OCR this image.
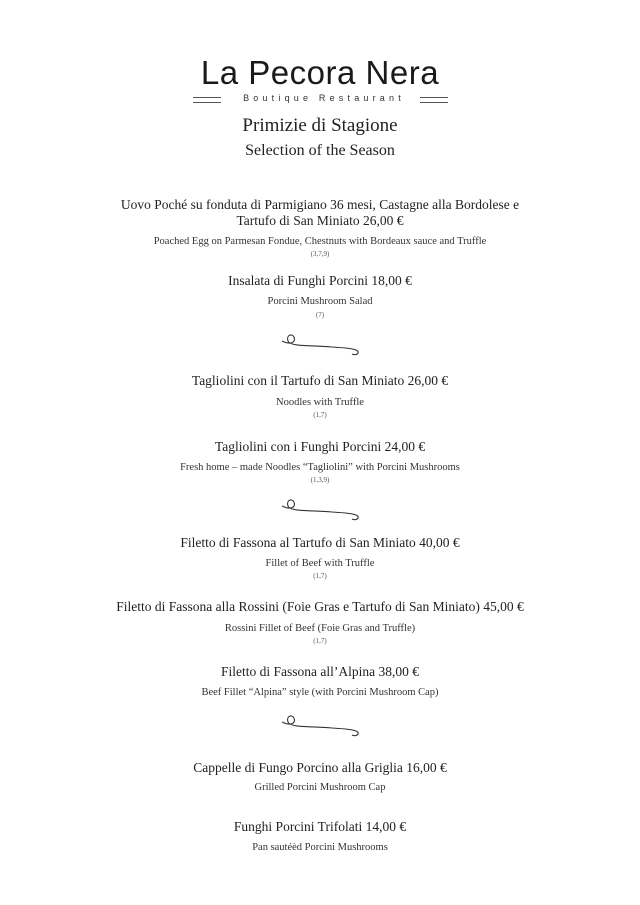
La Pecora Nera
Boutique Restaurant
Primizie di Stagione
Selection of the Season
Uovo Poché su fonduta di Parmigiano 36 mesi, Castagne alla Bordolese e
Tartufo di San Miniato 26,00 €
Poached Egg on Parmesan Fondue, Chestnuts with Bordeaux sauce and Truffle
(3,7,9)
Insalata di Funghi Porcini 18,00 €
Porcini Mushroom Salad
(7)
Tagliolini con il Tartufo di San Miniato 26,00 €
Noodles with Truffle
(1,7)
Tagliolini con i Funghi Porcini 24,00 €
Fresh home – made Noodles “Tagliolini” with Porcini Mushrooms
(1,3,9)
Filetto di Fassona al Tartufo di San Miniato 40,00 €
Fillet of Beef with Truffle
(1,7)
Filetto di Fassona alla Rossini (Foie Gras e Tartufo di San Miniato) 45,00 €
Rossini Fillet of Beef (Foie Gras and Truffle)
(1,7)
Filetto di Fassona all’Alpina 38,00 €
Beef Fillet “Alpina” style (with Porcini Mushroom Cap)
Cappelle di Fungo Porcino alla Griglia 16,00 €
Grilled Porcini Mushroom Cap
Funghi Porcini Trifolati 14,00 €
Pan sautéèd Porcini Mushrooms
